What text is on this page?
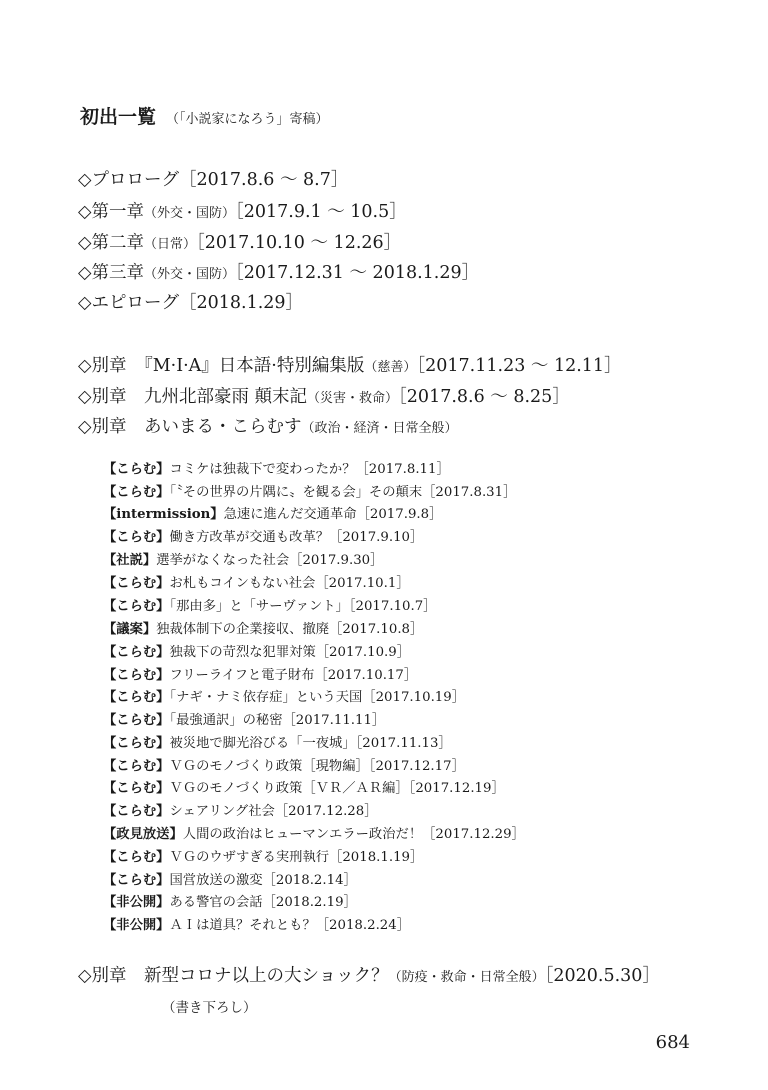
初出一覧 （「小説家になろう」寄稿）
◇プロローグ［2017.8.6 〜 8.7］
◇第一章（外交・国防）［2017.9.1 〜 10.5］
◇第二章（日常）［2017.10.10 〜 12.26］
◇第三章（外交・国防）［2017.12.31 〜 2018.1.29］
◇エピローグ［2018.1.29］
◇別章　『M·I·A』日本語·特別編集版（慈善）［2017.11.23 〜 12.11］
◇別章　九州北部豪雨 顛末記（災害・救命）［2017.8.6 〜 8.25］
◇別章　あいまる・こらむす（政治・経済・日常全般）
【こらむ】コミケは独裁下で変わったか？［2017.8.11］
【こらむ】「〝その世界の片隅に〟を観る会」その顛末［2017.8.31］
【intermission】急速に進んだ交通革命［2017.9.8］
【こらむ】働き方改革が交通も改革？［2017.9.10］
【社説】選挙がなくなった社会［2017.9.30］
【こらむ】お札もコインもない社会［2017.10.1］
【こらむ】「那由多」と「サーヴァント」［2017.10.7］
【議案】独裁体制下の企業接収、撤廃［2017.10.8］
【こらむ】独裁下の苛烈な犯罪対策［2017.10.9］
【こらむ】フリーライフと電子財布［2017.10.17］
【こらむ】「ナギ・ナミ依存症」という天国［2017.10.19］
【こらむ】「最強通訳」の秘密［2017.11.11］
【こらむ】被災地で脚光浴びる「一夜城」［2017.11.13］
【こらむ】ＶＧのモノづくり政策［現物編］［2017.12.17］
【こらむ】ＶＧのモノづくり政策［ＶＲ／ＡＲ編］［2017.12.19］
【こらむ】シェアリング社会［2017.12.28］
【政見放送】人間の政治はヒューマンエラー政治だ！［2017.12.29］
【こらむ】ＶＧのウザすぎる実刑執行［2018.1.19］
【こらむ】国営放送の激変［2018.2.14］
【非公開】ある警官の会話［2018.2.19］
【非公開】ＡＩは道具？それとも？［2018.2.24］
◇別章　新型コロナ以上の大ショック？（防疫・救命・日常全般）［2020.5.30］
（書き下ろし）
684
